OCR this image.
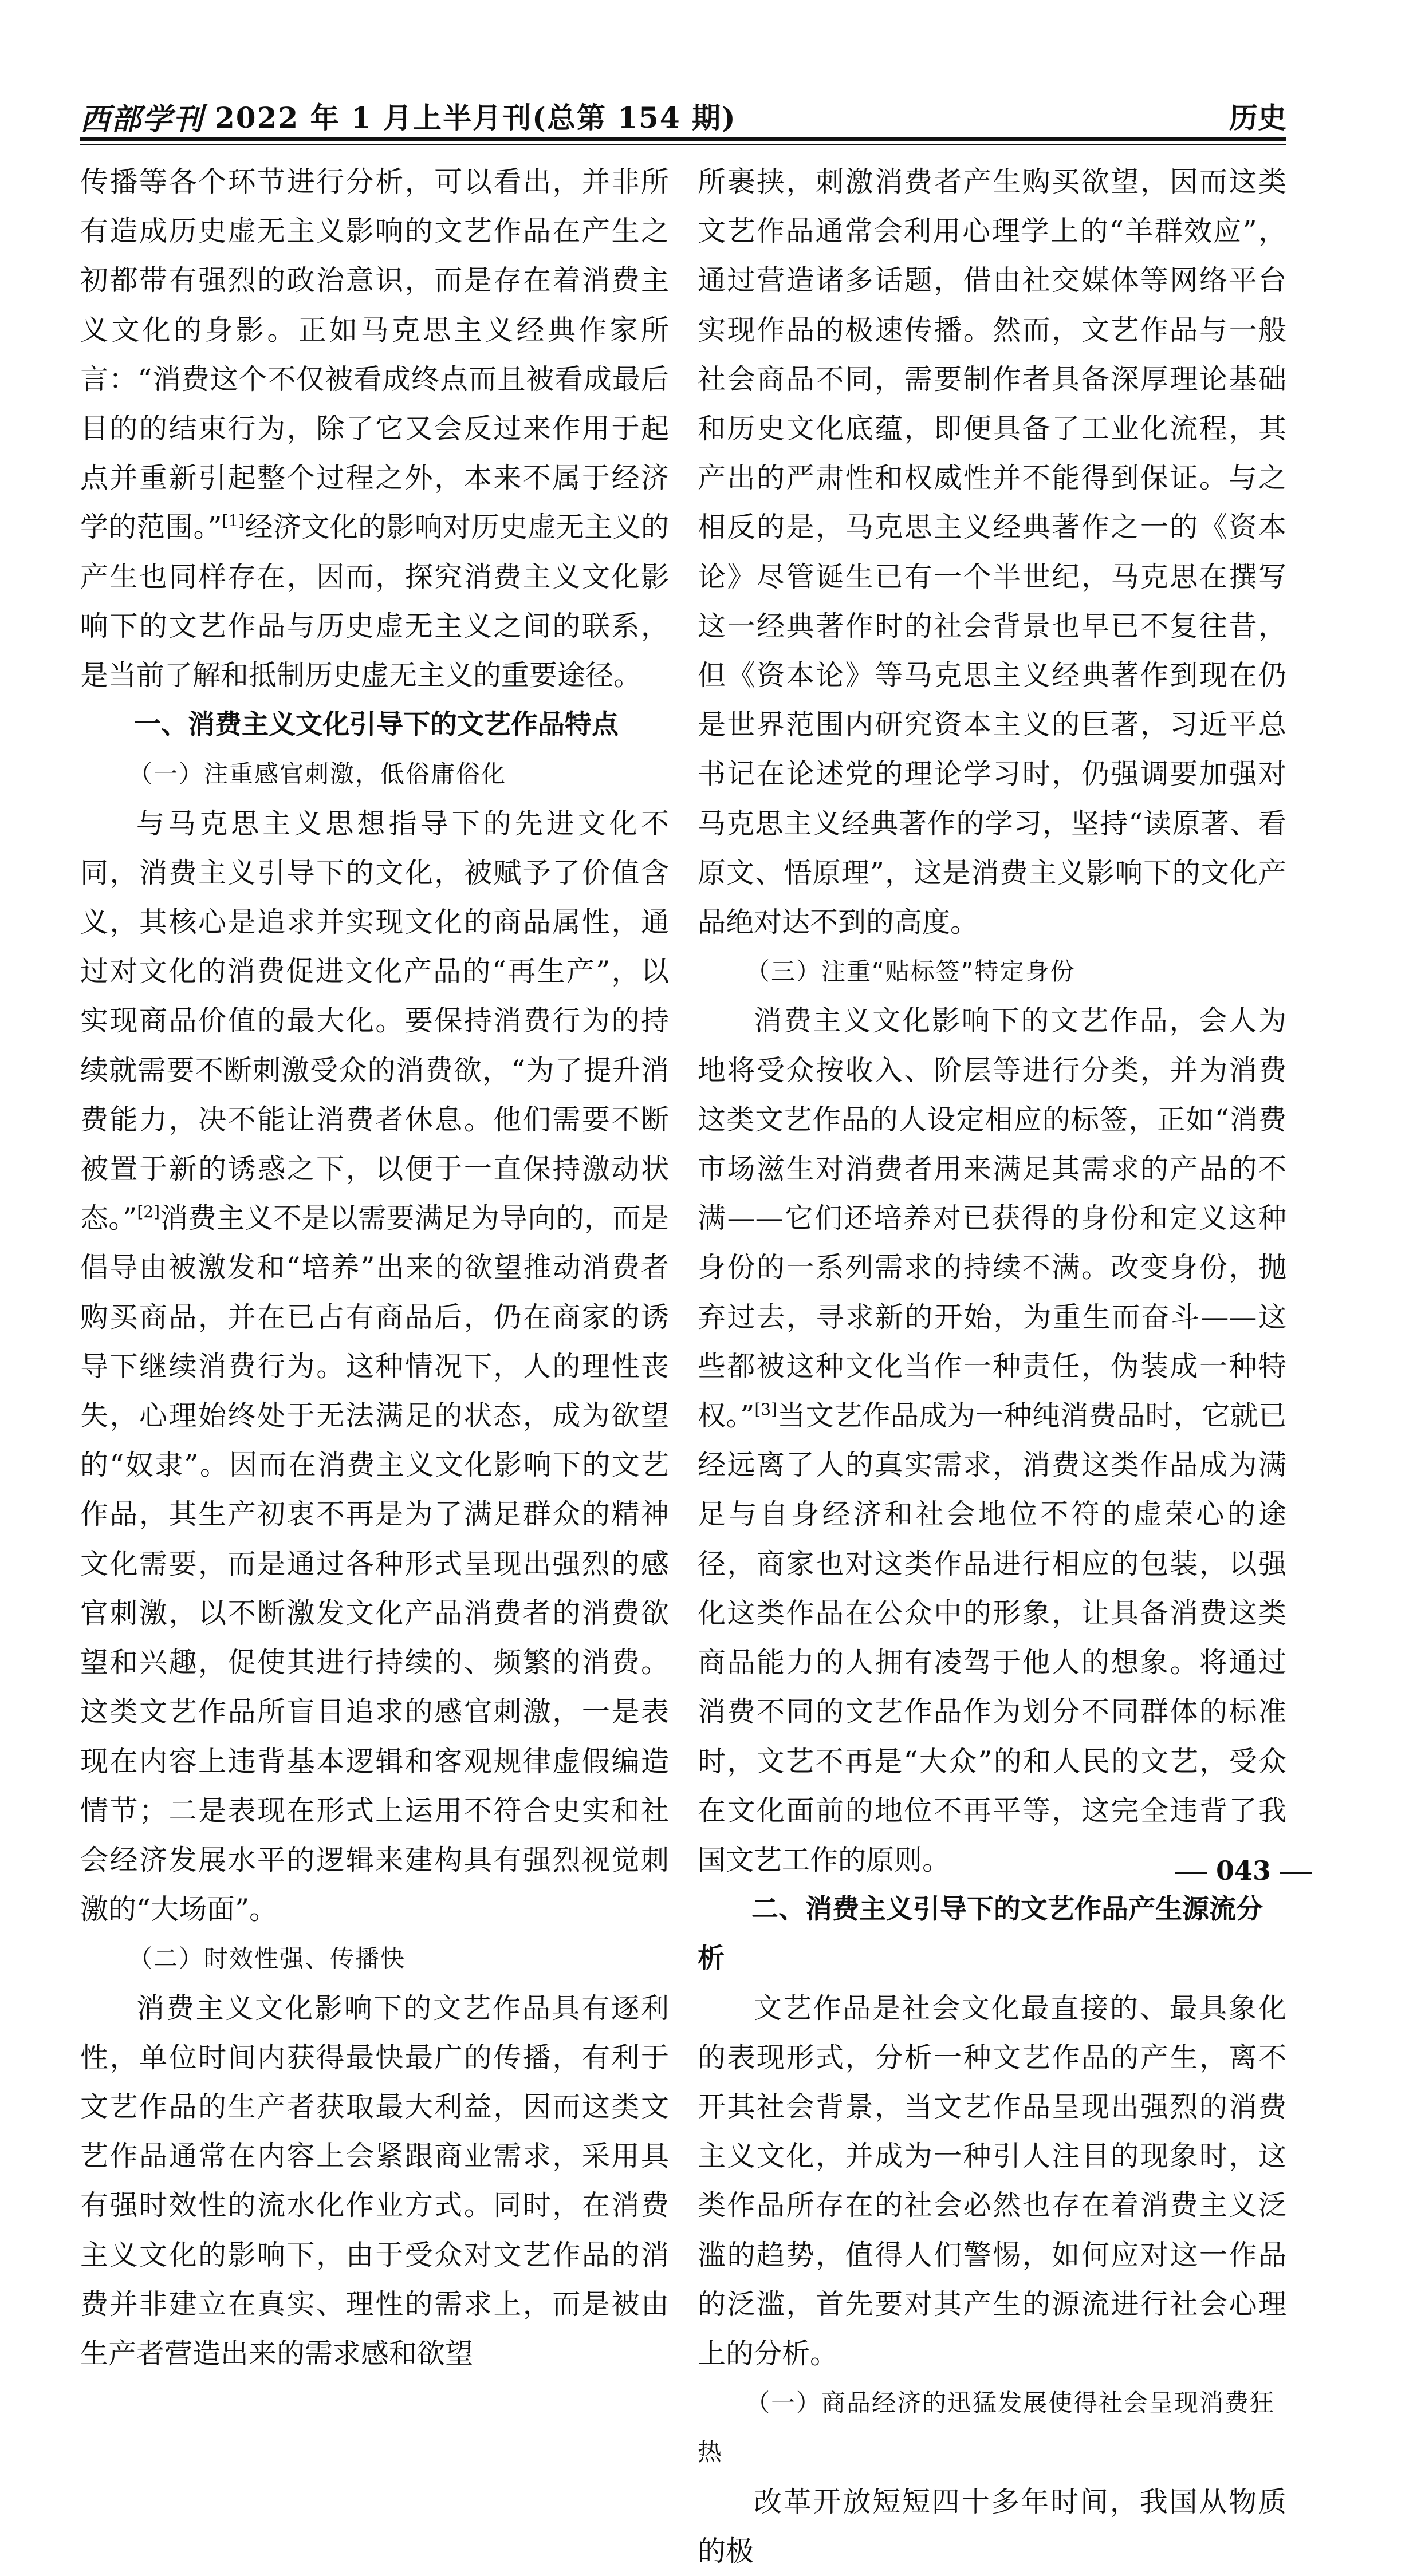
西部学刊 2022 年 1 月上半月刊(总第 154 期)	历史

传播等各个环节进行分析，可以看出，并非所有造成历史虚无主义影响的文艺作品在产生之初都带有强烈的政治意识，而是存在着消费主义文化的身影。正如马克思主义经典作家所言：“消费这个不仅被看成终点而且被看成最后目的的结束行为，除了它又会反过来作用于起点并重新引起整个过程之外，本来不属于经济学的范围。”[1]经济文化的影响对历史虚无主义的产生也同样存在，因而，探究消费主义文化影响下的文艺作品与历史虚无主义之间的联系，是当前了解和抵制历史虚无主义的重要途径。

一、消费主义文化引导下的文艺作品特点

（一）注重感官刺激，低俗庸俗化

与马克思主义思想指导下的先进文化不同，消费主义引导下的文化，被赋予了价值含义，其核心是追求并实现文化的商品属性，通过对文化的消费促进文化产品的“再生产”，以实现商品价值的最大化。要保持消费行为的持续就需要不断刺激受众的消费欲，“为了提升消费能力，决不能让消费者休息。他们需要不断被置于新的诱惑之下，以便于一直保持激动状态。”[2]消费主义不是以需要满足为导向的，而是倡导由被激发和“培养”出来的欲望推动消费者购买商品，并在已占有商品后，仍在商家的诱导下继续消费行为。这种情况下，人的理性丧失，心理始终处于无法满足的状态，成为欲望的“奴隶”。因而在消费主义文化影响下的文艺作品，其生产初衷不再是为了满足群众的精神文化需要，而是通过各种形式呈现出强烈的感官刺激，以不断激发文化产品消费者的消费欲望和兴趣，促使其进行持续的、频繁的消费。这类文艺作品所盲目追求的感官刺激，一是表现在内容上违背基本逻辑和客观规律虚假编造情节；二是表现在形式上运用不符合史实和社会经济发展水平的逻辑来建构具有强烈视觉刺激的“大场面”。

（二）时效性强、传播快

消费主义文化影响下的文艺作品具有逐利性，单位时间内获得最快最广的传播，有利于文艺作品的生产者获取最大利益，因而这类文艺作品通常在内容上会紧跟商业需求，采用具有强时效性的流水化作业方式。同时，在消费主义文化的影响下，由于受众对文艺作品的消费并非建立在真实、理性的需求上，而是被由生产者营造出来的需求感和欲望

所裹挟，刺激消费者产生购买欲望，因而这类文艺作品通常会利用心理学上的“羊群效应”，通过营造诸多话题，借由社交媒体等网络平台实现作品的极速传播。然而，文艺作品与一般社会商品不同，需要制作者具备深厚理论基础和历史文化底蕴，即便具备了工业化流程，其产出的严肃性和权威性并不能得到保证。与之相反的是，马克思主义经典著作之一的《资本论》尽管诞生已有一个半世纪，马克思在撰写这一经典著作时的社会背景也早已不复往昔，但《资本论》等马克思主义经典著作到现在仍是世界范围内研究资本主义的巨著，习近平总书记在论述党的理论学习时，仍强调要加强对马克思主义经典著作的学习，坚持“读原著、看原文、悟原理”，这是消费主义影响下的文化产品绝对达不到的高度。

（三）注重“贴标签”特定身份

消费主义文化影响下的文艺作品，会人为地将受众按收入、阶层等进行分类，并为消费这类文艺作品的人设定相应的标签，正如“消费市场滋生对消费者用来满足其需求的产品的不满——它们还培养对已获得的身份和定义这种身份的一系列需求的持续不满。改变身份，抛弃过去，寻求新的开始，为重生而奋斗——这些都被这种文化当作一种责任，伪装成一种特权。”[3]当文艺作品成为一种纯消费品时，它就已经远离了人的真实需求，消费这类作品成为满足与自身经济和社会地位不符的虚荣心的途径，商家也对这类作品进行相应的包装，以强化这类作品在公众中的形象，让具备消费这类商品能力的人拥有凌驾于他人的想象。将通过消费不同的文艺作品作为划分不同群体的标准时，文艺不再是“大众”的和人民的文艺，受众在文化面前的地位不再平等，这完全违背了我国文艺工作的原则。

二、消费主义引导下的文艺作品产生源流分析

文艺作品是社会文化最直接的、最具象化的表现形式，分析一种文艺作品的产生，离不开其社会背景，当文艺作品呈现出强烈的消费主义文化，并成为一种引人注目的现象时，这类作品所存在的社会必然也存在着消费主义泛滥的趋势，值得人们警惕，如何应对这一作品的泛滥，首先要对其产生的源流进行社会心理上的分析。

（一）商品经济的迅猛发展使得社会呈现消费狂热

改革开放短短四十多年时间，我国从物质的极

043
